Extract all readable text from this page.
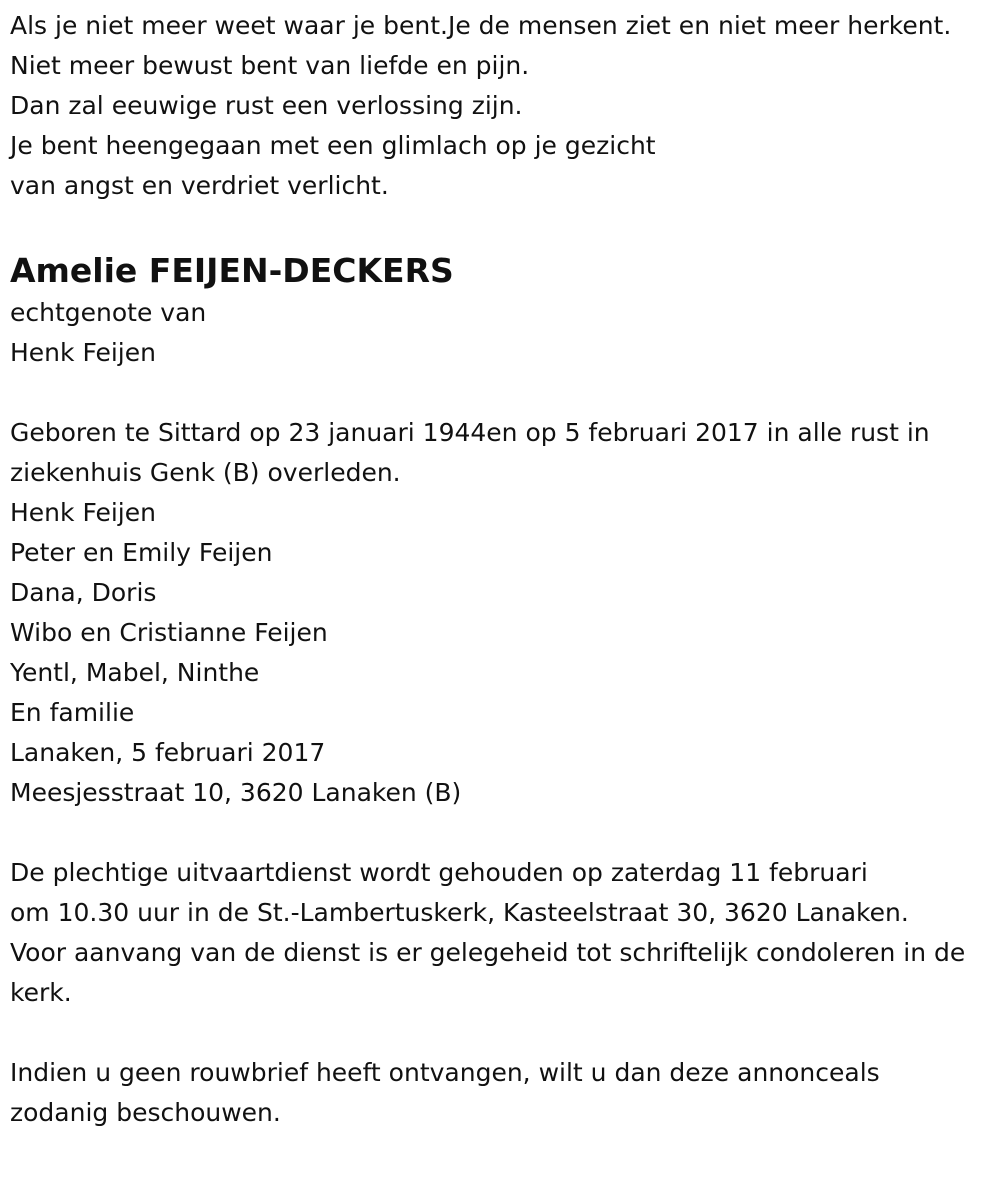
Als je niet meer weet waar je bent.Je de mensen ziet en niet meer herkent.
Niet meer bewust bent van liefde en pijn.
Dan zal eeuwige rust een verlossing zijn.
Je bent heengegaan met een glimlach op je gezicht
van angst en verdriet verlicht.
Amelie FEIJEN-DECKERS
echtgenote van
Henk Feijen
Geboren te Sittard op 23 januari 1944en op 5 februari 2017 in alle rust in ziekenhuis Genk (B) overleden.
Henk Feijen
Peter en Emily Feijen
Dana, Doris
Wibo en Cristianne Feijen
Yentl, Mabel, Ninthe
En familie
Lanaken, 5 februari 2017
Meesjesstraat 10, 3620 Lanaken (B)
De plechtige uitvaartdienst wordt gehouden op zaterdag 11 februari
om 10.30 uur in de St.-Lambertuskerk, Kasteelstraat 30, 3620 Lanaken.
Voor aanvang van de dienst is er gelegeheid tot schriftelijk condoleren in de kerk.
Indien u geen rouwbrief heeft ontvangen, wilt u dan deze annonceals zodanig beschouwen.
